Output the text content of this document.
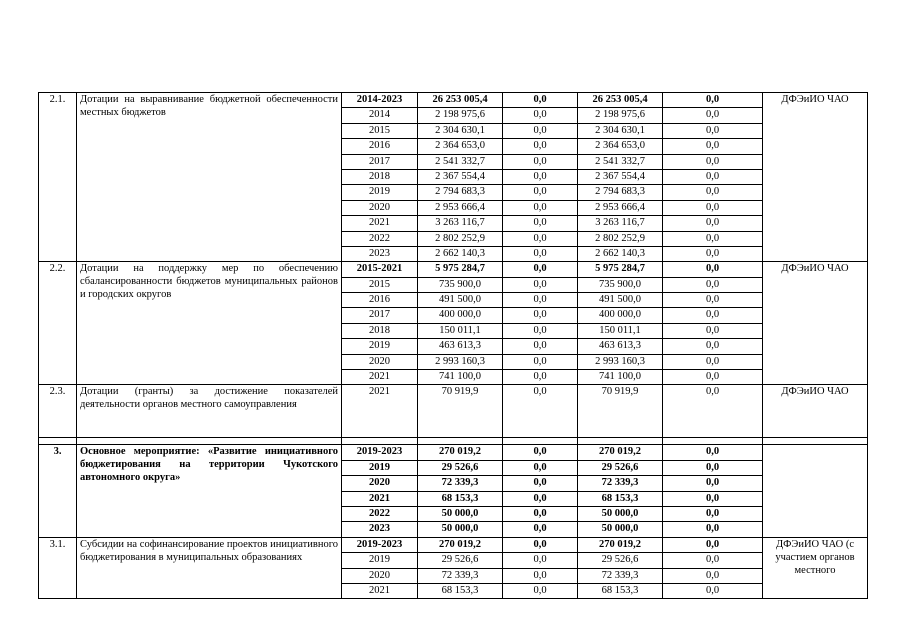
2.1.	Дотации на выравнивание бюджетной обеспеченности местных бюджетов	2014-2023	26 253 005,4	0,0	26 253 005,4	0,0	ДФЭиИО ЧАО
		2014	2 198 975,6	0,0	2 198 975,6	0,0	
		2015	2 304 630,1	0,0	2 304 630,1	0,0	
		2016	2 364 653,0	0,0	2 364 653,0	0,0	
		2017	2 541 332,7	0,0	2 541 332,7	0,0	
		2018	2 367 554,4	0,0	2 367 554,4	0,0	
		2019	2 794 683,3	0,0	2 794 683,3	0,0	
		2020	2 953 666,4	0,0	2 953 666,4	0,0	
		2021	3 263 116,7	0,0	3 263 116,7	0,0	
		2022	2 802 252,9	0,0	2 802 252,9	0,0	
		2023	2 662 140,3	0,0	2 662 140,3	0,0	
2.2.	Дотации на поддержку мер по обеспечению сбалансированности бюджетов муниципальных районов и городских округов	2015-2021	5 975 284,7	0,0	5 975 284,7	0,0	ДФЭиИО ЧАО
		2015	735 900,0	0,0	735 900,0	0,0	
		2016	491 500,0	0,0	491 500,0	0,0	
		2017	400 000,0	0,0	400 000,0	0,0	
		2018	150 011,1	0,0	150 011,1	0,0	
		2019	463 613,3	0,0	463 613,3	0,0	
		2020	2 993 160,3	0,0	2 993 160,3	0,0	
		2021	741 100,0	0,0	741 100,0	0,0	
2.3.	Дотации (гранты) за достижение показателей деятельности органов местного самоуправления	2021	70 919,9	0,0	70 919,9	0,0	ДФЭиИО ЧАО

3.	Основное мероприятие: «Развитие инициативного бюджетирования на территории Чукотского автономного округа»	2019-2023	270 019,2	0,0	270 019,2	0,0	
		2019	29 526,6	0,0	29 526,6	0,0	
		2020	72 339,3	0,0	72 339,3	0,0	
		2021	68 153,3	0,0	68 153,3	0,0	
		2022	50 000,0	0,0	50 000,0	0,0	
		2023	50 000,0	0,0	50 000,0	0,0	
3.1.	Субсидии на софинансирование проектов инициативного бюджетирования в муниципальных образованиях	2019-2023	270 019,2	0,0	270 019,2	0,0	ДФЭиИО ЧАО (с участием органов местного
		2019	29 526,6	0,0	29 526,6	0,0	
		2020	72 339,3	0,0	72 339,3	0,0	
		2021	68 153,3	0,0	68 153,3	0,0	
